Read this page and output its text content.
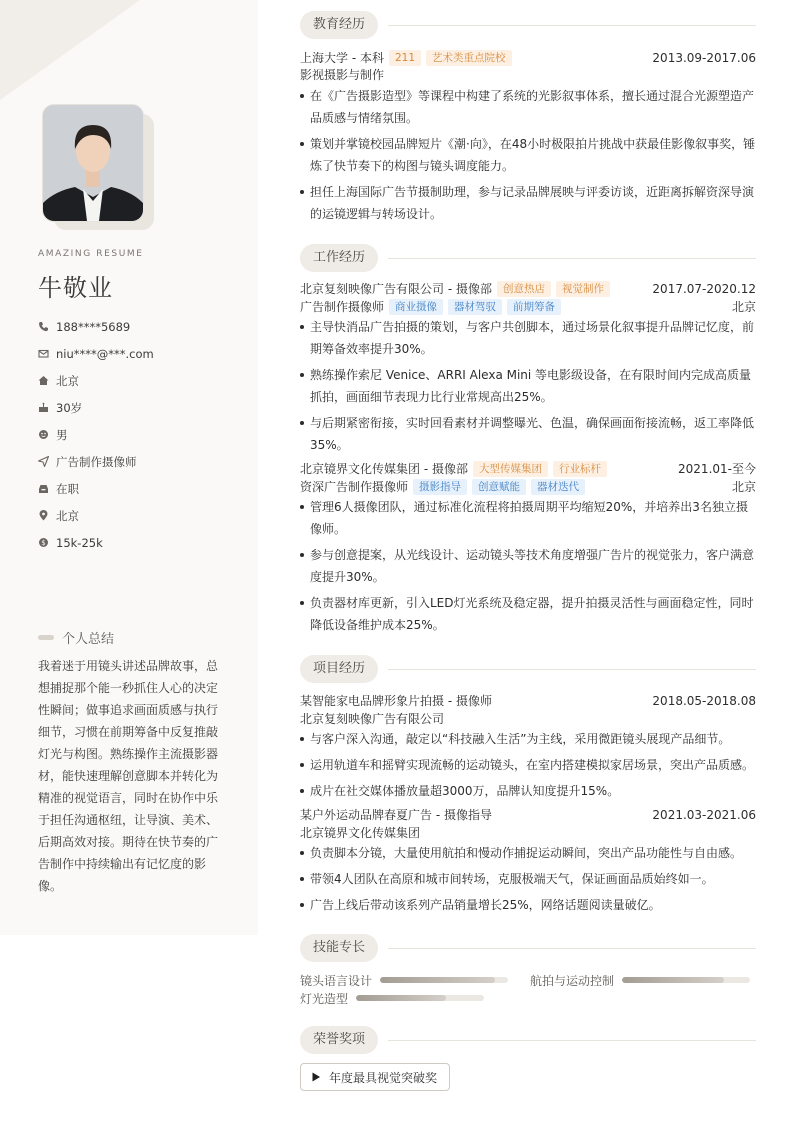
AMAZING RESUME
牛敬业
188****5689
niu****@***.com
北京
30岁
男
广告制作摄像师
在职
北京
$ 15k-25k
个人总结

我着迷于用镜头讲述品牌故事，总想捕捉那个能一秒抓住人心的决定性瞬间；做事追求画面质感与执行细节，习惯在前期筹备中反复推敲灯光与构图。熟练操作主流摄影器材，能快速理解创意脚本并转化为精准的视觉语言，同时在协作中乐于担任沟通枢纽，让导演、美术、后期高效对接。期待在快节奏的广告制作中持续输出有记忆度的影像。

教育经历
上海大学 - 本科	211	艺术类重点院校	2013.09-2017.06
影视摄影与制作
在《广告摄影造型》等课程中构建了系统的光影叙事体系，擅长通过混合光源塑造产品质感与情绪氛围。
策划并掌镜校园品牌短片《潮·向》，在48小时极限拍片挑战中获最佳影像叙事奖，锤炼了快节奏下的构图与镜头调度能力。
担任上海国际广告节摄制助理，参与记录品牌展映与评委访谈，近距离拆解资深导演的运镜逻辑与转场设计。
工作经历
北京复刻映像广告有限公司 - 摄像部	创意热店	视觉制作	2017.07-2020.12
广告制作摄像师	商业摄像	器材驾驭	前期筹备	北京
主导快消品广告拍摄的策划，与客户共创脚本，通过场景化叙事提升品牌记忆度，前期筹备效率提升30%。
熟练操作索尼 Venice、ARRI Alexa Mini 等电影级设备，在有限时间内完成高质量抓拍，画面细节表现力比行业常规高出25%。
与后期紧密衔接，实时回看素材并调整曝光、色温，确保画面衔接流畅，返工率降低35%。
北京镜界文化传媒集团 - 摄像部	大型传媒集团	行业标杆	2021.01-至今
资深广告制作摄像师	摄影指导	创意赋能	器材迭代	北京
管理6人摄像团队，通过标准化流程将拍摄周期平均缩短20%，并培养出3名独立摄像师。
参与创意提案，从光线设计、运动镜头等技术角度增强广告片的视觉张力，客户满意度提升30%。
负责器材库更新，引入LED灯光系统及稳定器，提升拍摄灵活性与画面稳定性，同时降低设备维护成本25%。
项目经历
某智能家电品牌形象片拍摄 - 摄像师	2018.05-2018.08
北京复刻映像广告有限公司
与客户深入沟通，敲定以“科技融入生活”为主线，采用微距镜头展现产品细节。
运用轨道车和摇臂实现流畅的运动镜头，在室内搭建模拟家居场景，突出产品质感。
成片在社交媒体播放量超3000万，品牌认知度提升15%。
某户外运动品牌春夏广告 - 摄像指导	2021.03-2021.06
北京镜界文化传媒集团
负责脚本分镜，大量使用航拍和慢动作捕捉运动瞬间，突出产品功能性与自由感。
带领4人团队在高原和城市间转场，克服极端天气，保证画面品质始终如一。
广告上线后带动该系列产品销量增长25%，网络话题阅读量破亿。
技能专长
镜头语言设计	航拍与运动控制
灯光造型
荣誉奖项
年度最具视觉突破奖
